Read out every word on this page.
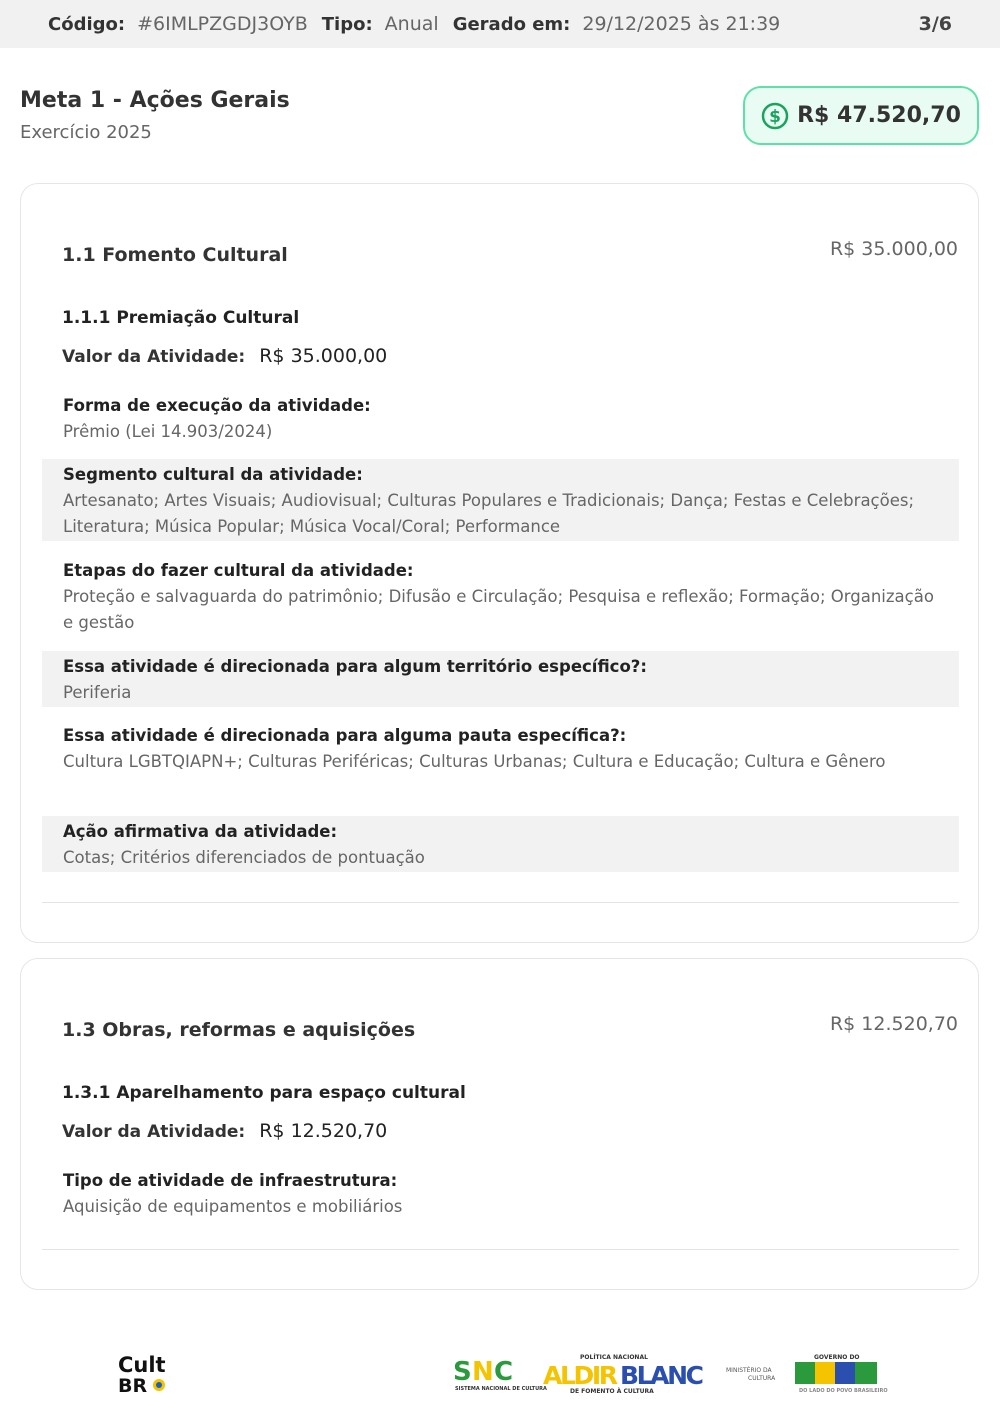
Código: #6IMLPZGDJ3OYB Tipo: Anual Gerado em: 29/12/2025 às 21:39	3/6
Meta 1 - Ações Gerais
Exercício 2025
$ R$ 47.520,70
1.1 Fomento Cultural	R$ 35.000,00
1.1.1 Premiação Cultural
Valor da Atividade: R$ 35.000,00
Forma de execução da atividade:
Prêmio (Lei 14.903/2024)
Segmento cultural da atividade:
Artesanato; Artes Visuais; Audiovisual; Culturas Populares e Tradicionais; Dança; Festas e Celebrações; Literatura; Música Popular; Música Vocal/Coral; Performance
Etapas do fazer cultural da atividade:
Proteção e salvaguarda do patrimônio; Difusão e Circulação; Pesquisa e reflexão; Formação; Organização e gestão
Essa atividade é direcionada para algum território específico?:
Periferia
Essa atividade é direcionada para alguma pauta específica?:
Cultura LGBTQIAPN+; Culturas Periféricas; Culturas Urbanas; Cultura e Educação; Cultura e Gênero
Ação afirmativa da atividade:
Cotas; Critérios diferenciados de pontuação
1.3 Obras, reformas e aquisições	R$ 12.520,70
1.3.1 Aparelhamento para espaço cultural
Valor da Atividade: R$ 12.520,70
Tipo de atividade de infraestrutura:
Aquisição de equipamentos e mobiliários
Cult
BR	S N C
SISTEMA NACIONAL DE CULTURA
POLÍTICA NACIONAL
ALDIR BLANC
DE FOMENTO À CULTURA
MINISTÉRIO DA
CULTURA
GOVERNO DO
DO LADO DO POVO BRASILEIRO
